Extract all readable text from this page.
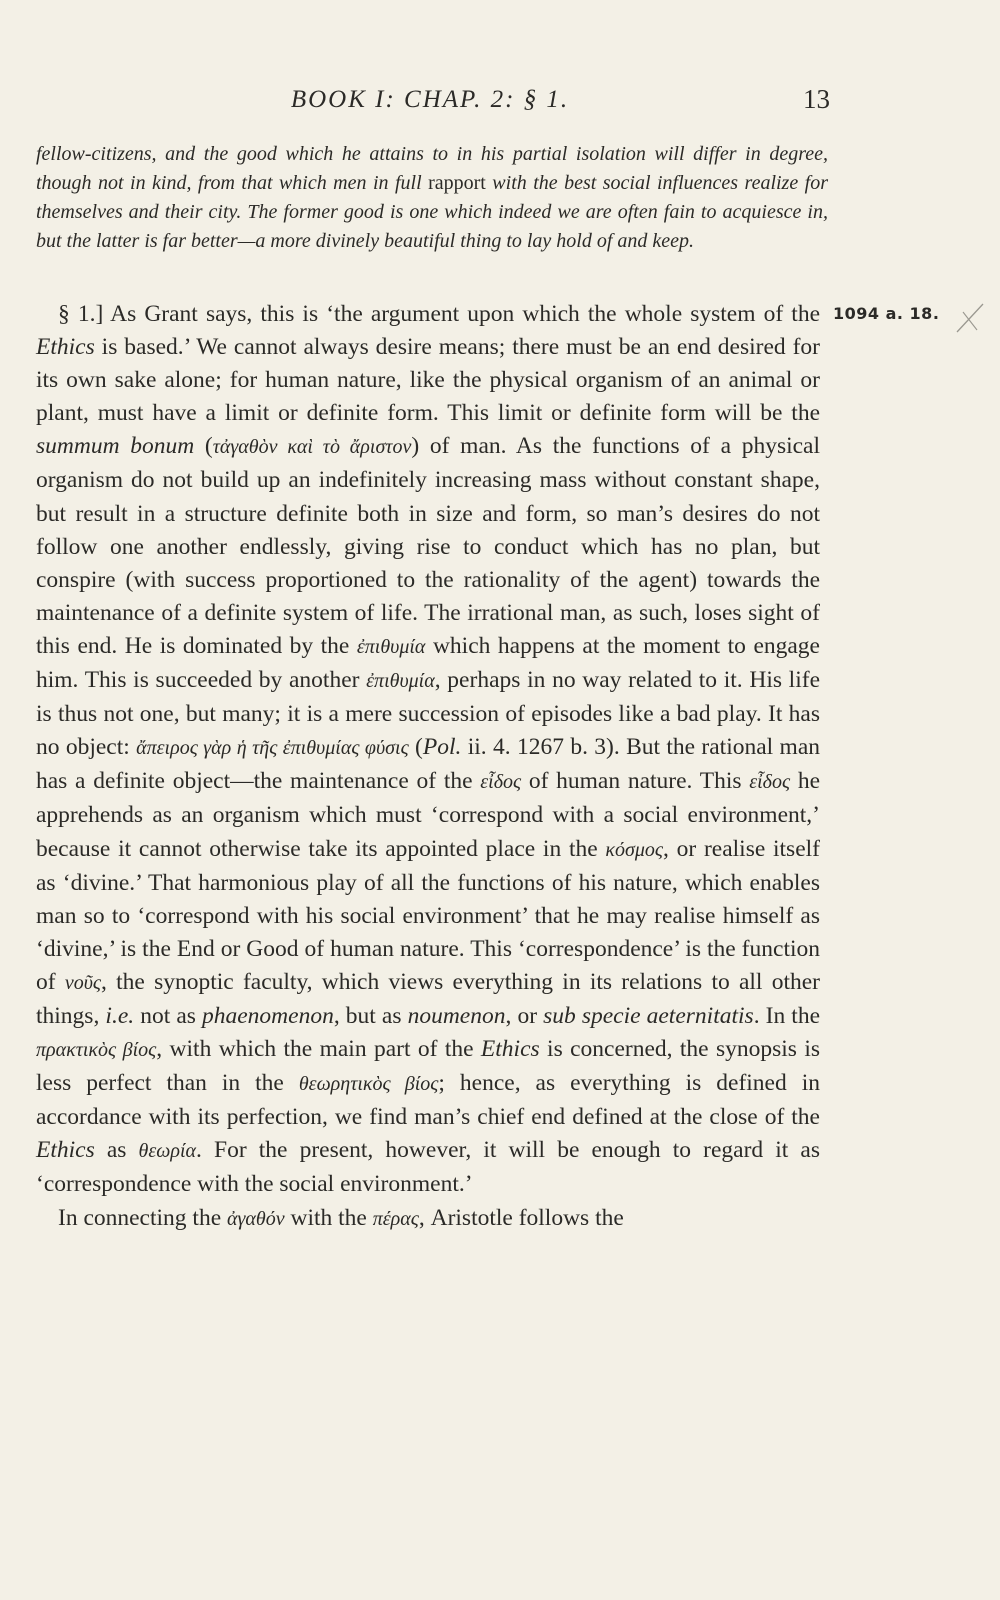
BOOK I: CHAP. 2: § 1.	13
fellow-citizens, and the good which he attains to in his partial isolation will differ in degree, though not in kind, from that which men in full rapport with the best social influences realize for themselves and their city. The former good is one which indeed we are often fain to acquiesce in, but the latter is far better—a more divinely beautiful thing to lay hold of and keep.
1094 a. 18.

§ 1.] As Grant says, this is ‘the argument upon which the whole system of the Ethics is based.’ We cannot always desire means; there must be an end desired for its own sake alone; for human nature, like the physical organism of an animal or plant, must have a limit or definite form. This limit or definite form will be the summum bonum (τἀγαθὸν καὶ τὸ ἄριστον) of man. As the functions of a physical organism do not build up an indefinitely increasing mass without constant shape, but result in a structure definite both in size and form, so man’s desires do not follow one another endlessly, giving rise to conduct which has no plan, but conspire (with success proportioned to the rationality of the agent) towards the maintenance of a definite system of life. The irrational man, as such, loses sight of this end. He is dominated by the ἐπιθυμία which happens at the moment to engage him. This is succeeded by another ἐπιθυμία, perhaps in no way related to it. His life is thus not one, but many; it is a mere succession of episodes like a bad play. It has no object: ἄπειρος γὰρ ἡ τῆς ἐπιθυμίας φύσις (Pol. ii. 4. 1267 b. 3). But the rational man has a definite object—the maintenance of the εἶδος of human nature. This εἶδος he apprehends as an organism which must ‘correspond with a social environment,’ because it cannot otherwise take its appointed place in the κόσμος, or realise itself as ‘divine.’ That harmonious play of all the functions of his nature, which enables man so to ‘correspond with his social environment’ that he may realise himself as ‘divine,’ is the End or Good of human nature. This ‘correspondence’ is the function of νοῦς, the synoptic faculty, which views everything in its relations to all other things, i.e. not as phaenomenon, but as noumenon, or sub specie aeternitatis. In the πρακτικὸς βίος, with which the main part of the Ethics is concerned, the synopsis is less perfect than in the θεωρητικὸς βίος; hence, as everything is defined in accordance with its perfection, we find man’s chief end defined at the close of the Ethics as θεωρία. For the present, however, it will be enough to regard it as ‘correspondence with the social environment.’

In connecting the ἀγαθόν with the πέρας, Aristotle follows the
